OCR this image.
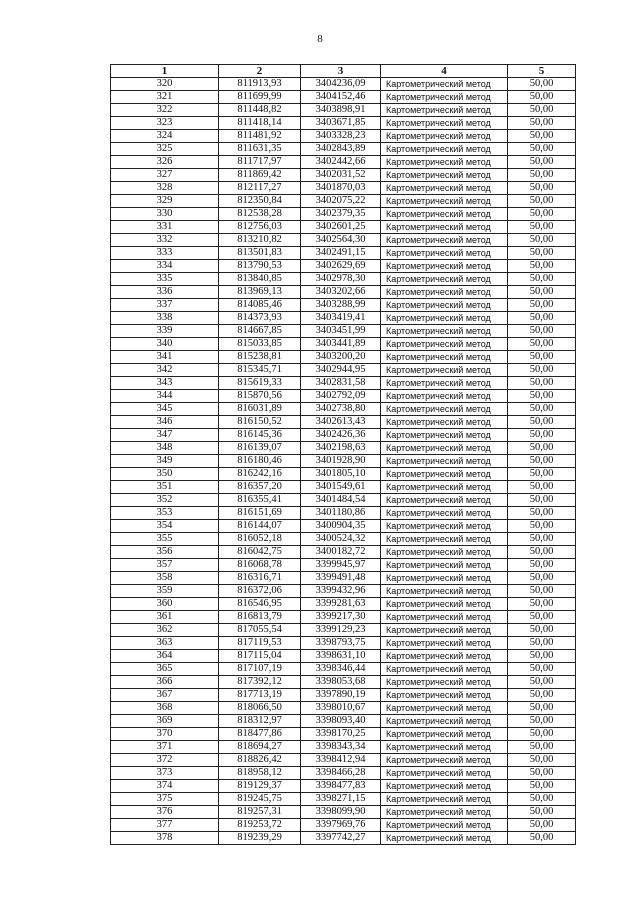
8
1	2	3	4	5
320	811913,93	3404236,09	Картометрический метод	50,00
321	811699,99	3404152,46	Картометрический метод	50,00
322	811448,82	3403898,91	Картометрический метод	50,00
323	811418,14	3403671,85	Картометрический метод	50,00
324	811481,92	3403328,23	Картометрический метод	50,00
325	811631,35	3402843,89	Картометрический метод	50,00
326	811717,97	3402442,66	Картометрический метод	50,00
327	811869,42	3402031,52	Картометрический метод	50,00
328	812117,27	3401870,03	Картометрический метод	50,00
329	812350,84	3402075,22	Картометрический метод	50,00
330	812538,28	3402379,35	Картометрический метод	50,00
331	812756,03	3402601,25	Картометрический метод	50,00
332	813210,82	3402564,30	Картометрический метод	50,00
333	813501,83	3402491,15	Картометрический метод	50,00
334	813790,53	3402629,69	Картометрический метод	50,00
335	813840,85	3402978,30	Картометрический метод	50,00
336	813969,13	3403202,66	Картометрический метод	50,00
337	814085,46	3403288,99	Картометрический метод	50,00
338	814373,93	3403419,41	Картометрический метод	50,00
339	814667,85	3403451,99	Картометрический метод	50,00
340	815033,85	3403441,89	Картометрический метод	50,00
341	815238,81	3403200,20	Картометрический метод	50,00
342	815345,71	3402944,95	Картометрический метод	50,00
343	815619,33	3402831,58	Картометрический метод	50,00
344	815870,56	3402792,09	Картометрический метод	50,00
345	816031,89	3402738,80	Картометрический метод	50,00
346	816150,52	3402613,43	Картометрический метод	50,00
347	816145,36	3402426,36	Картометрический метод	50,00
348	816139,07	3402198,63	Картометрический метод	50,00
349	816180,46	3401928,90	Картометрический метод	50,00
350	816242,16	3401805,10	Картометрический метод	50,00
351	816357,20	3401549,61	Картометрический метод	50,00
352	816355,41	3401484,54	Картометрический метод	50,00
353	816151,69	3401180,86	Картометрический метод	50,00
354	816144,07	3400904,35	Картометрический метод	50,00
355	816052,18	3400524,32	Картометрический метод	50,00
356	816042,75	3400182,72	Картометрический метод	50,00
357	816068,78	3399945,97	Картометрический метод	50,00
358	816316,71	3399491,48	Картометрический метод	50,00
359	816372,06	3399432,96	Картометрический метод	50,00
360	816546,95	3399281,63	Картометрический метод	50,00
361	816813,79	3399217,30	Картометрический метод	50,00
362	817055,54	3399129,23	Картометрический метод	50,00
363	817119,53	3398793,75	Картометрический метод	50,00
364	817115,04	3398631,10	Картометрический метод	50,00
365	817107,19	3398346,44	Картометрический метод	50,00
366	817392,12	3398053,68	Картометрический метод	50,00
367	817713,19	3397890,19	Картометрический метод	50,00
368	818066,50	3398010,67	Картометрический метод	50,00
369	818312,97	3398093,40	Картометрический метод	50,00
370	818477,86	3398170,25	Картометрический метод	50,00
371	818694,27	3398343,34	Картометрический метод	50,00
372	818826,42	3398412,94	Картометрический метод	50,00
373	818958,12	3398466,28	Картометрический метод	50,00
374	819129,37	3398477,83	Картометрический метод	50,00
375	819245,75	3398271,15	Картометрический метод	50,00
376	819257,31	3398099,90	Картометрический метод	50,00
377	819253,72	3397969,76	Картометрический метод	50,00
378	819239,29	3397742,27	Картометрический метод	50,00
